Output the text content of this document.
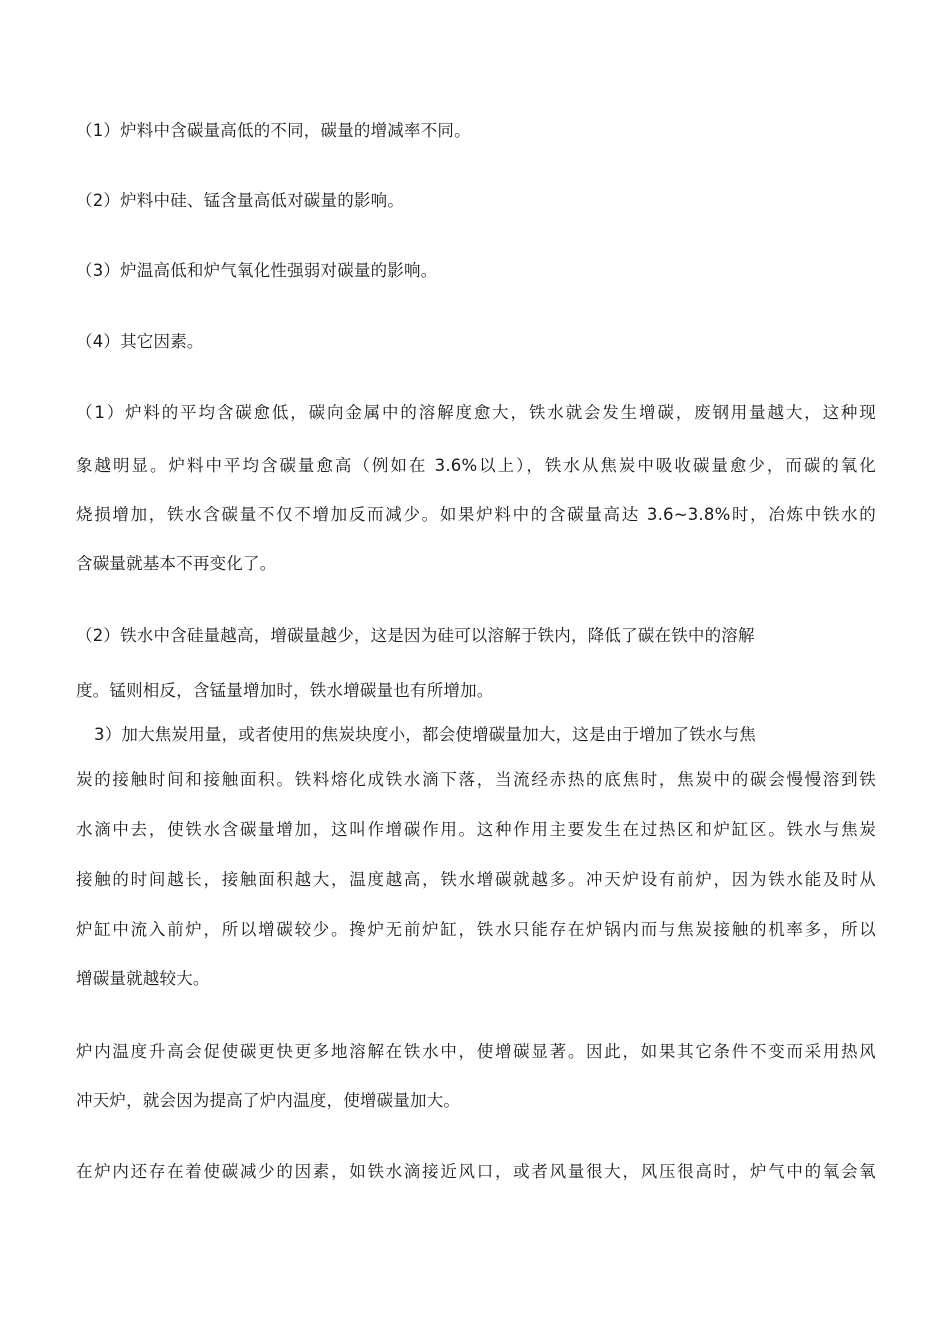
（1）炉料中含碳量高低的不同，碳量的增减率不同。
（2）炉料中硅、锰含量高低对碳量的影响。
（3）炉温高低和炉气氧化性强弱对碳量的影响。
（4）其它因素。
（1）炉料的平均含碳愈低，碳向金属中的溶解度愈大，铁水就会发生增碳，废钢用量越大，这种现
象越明显。炉料中平均含碳量愈高（例如在 3.6%以上），铁水从焦炭中吸收碳量愈少，而碳的氧化
烧损增加，铁水含碳量不仅不增加反而减少。如果炉料中的含碳量高达 3.6~3.8%时，冶炼中铁水的
含碳量就基本不再变化了。
（2）铁水中含硅量越高，增碳量越少，这是因为硅可以溶解于铁内，降低了碳在铁中的溶解
度。锰则相反，含锰量增加时，铁水增碳量也有所增加。
3）加大焦炭用量，或者使用的焦炭块度小，都会使增碳量加大，这是由于增加了铁水与焦
炭的接触时间和接触面积。铁料熔化成铁水滴下落，当流经赤热的底焦时，焦炭中的碳会慢慢溶到铁
水滴中去，使铁水含碳量增加，这叫作增碳作用。这种作用主要发生在过热区和炉缸区。铁水与焦炭
接触的时间越长，接触面积越大，温度越高，铁水增碳就越多。冲天炉设有前炉，因为铁水能及时从
炉缸中流入前炉，所以增碳较少。搀炉无前炉缸，铁水只能存在炉锅内而与焦炭接触的机率多，所以
增碳量就越较大。
炉内温度升高会促使碳更快更多地溶解在铁水中，使增碳显著。因此，如果其它条件不变而采用热风
冲天炉，就会因为提高了炉内温度，使增碳量加大。
在炉内还存在着使碳减少的因素，如铁水滴接近风口，或者风量很大，风压很高时，炉气中的氧会氧
